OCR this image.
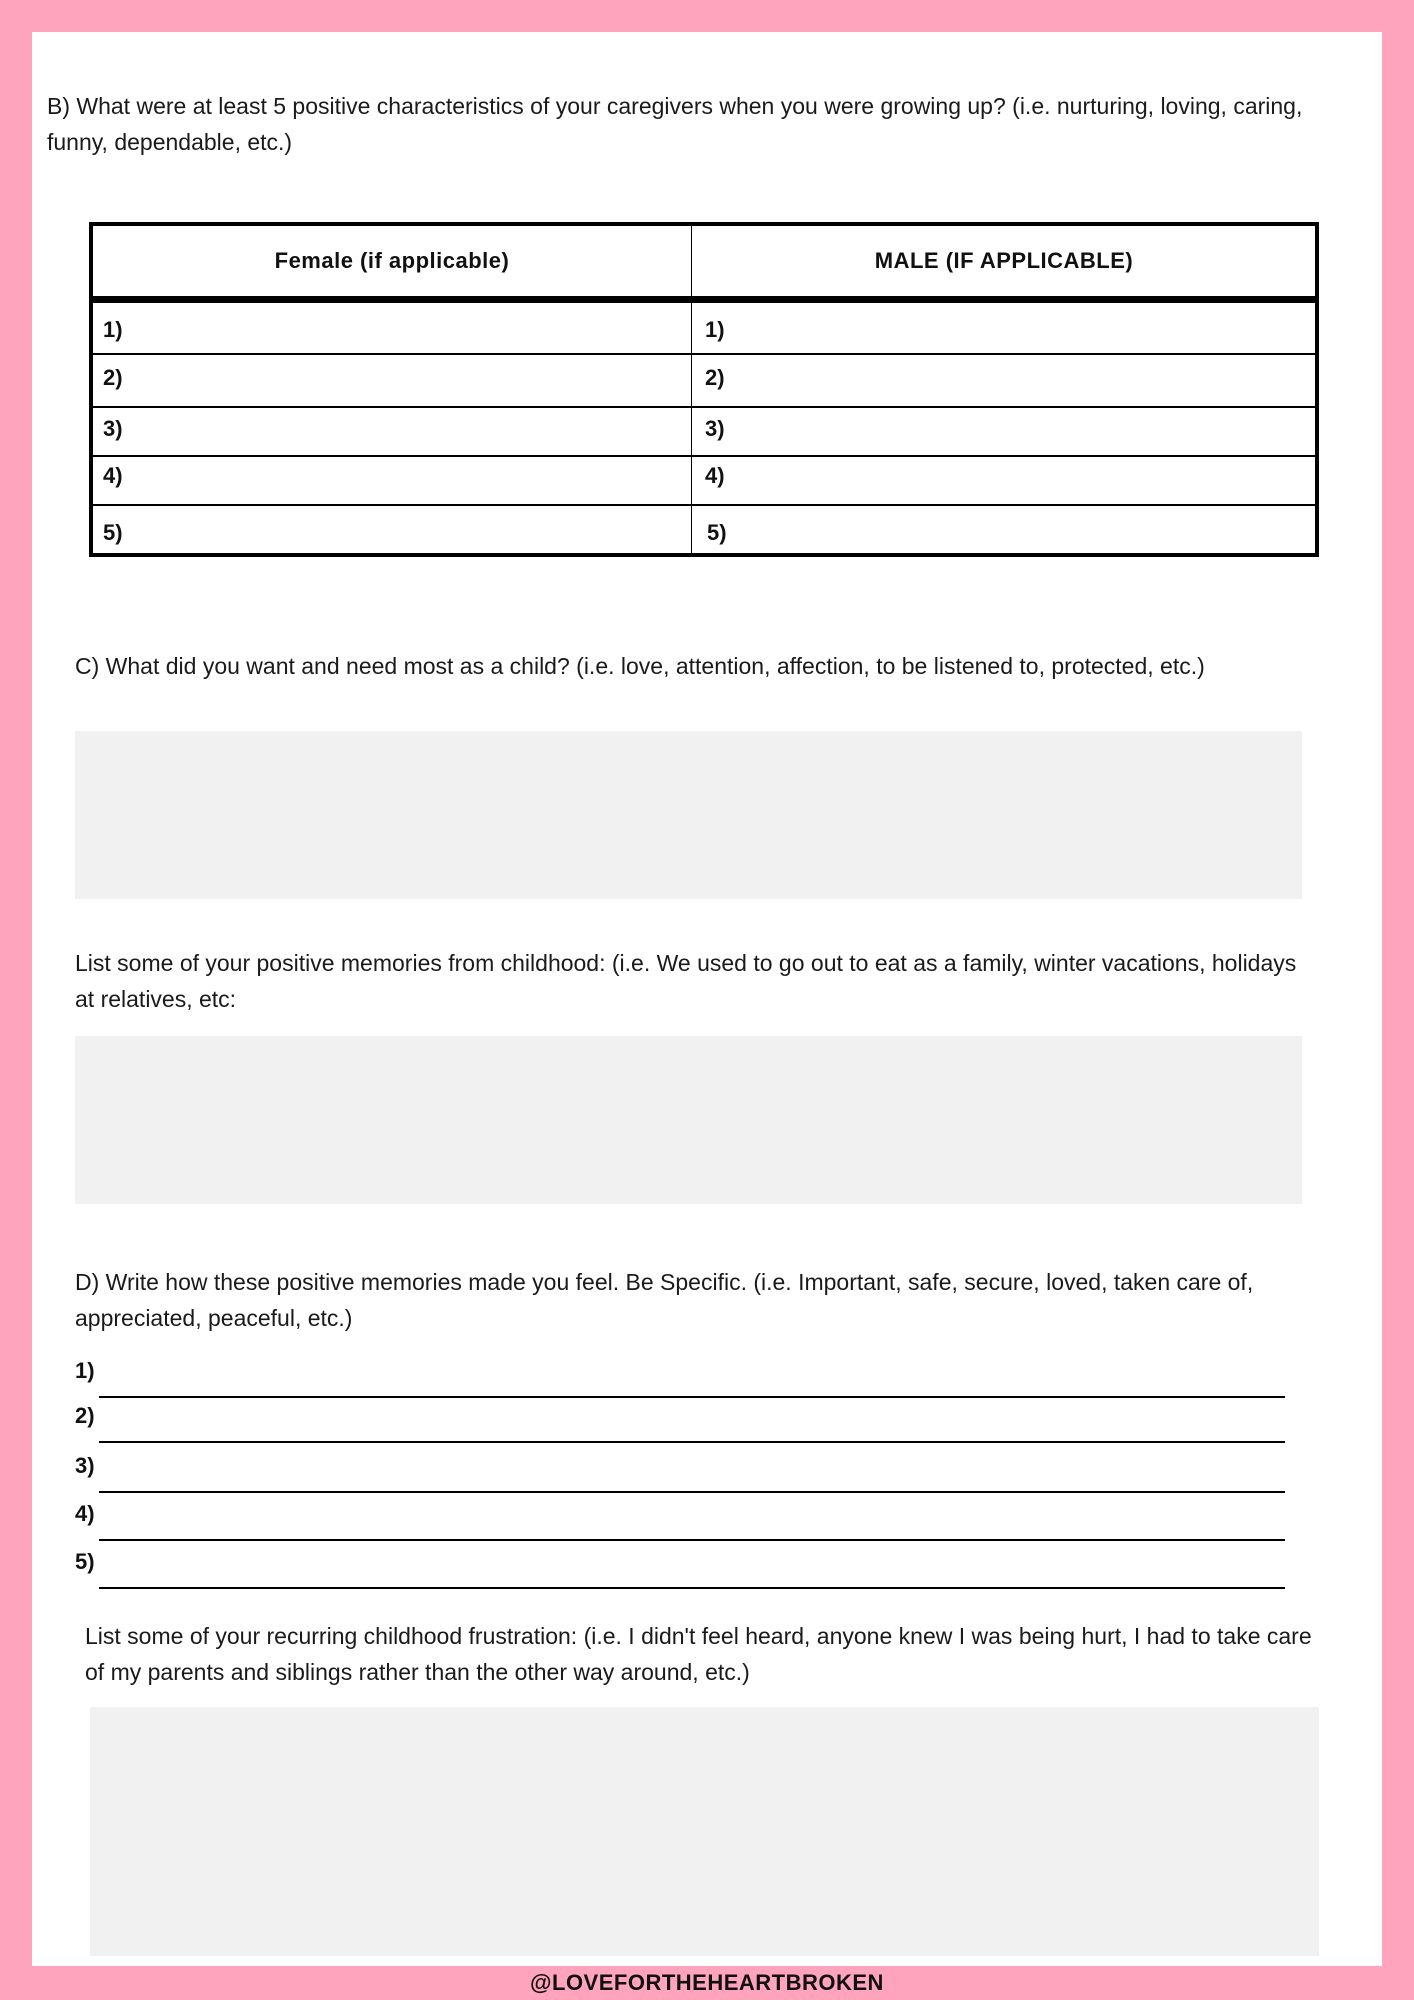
B) What were at least 5 positive characteristics of your caregivers when you were growing up? (i.e. nurturing, loving, caring, funny, dependable, etc.)

Female (if applicable)	MALE (IF APPLICABLE)
1)	1)
2)	2)
3)	3)
4)	4)
5)	5)

C) What did you want and need most as a child? (i.e. love, attention, affection, to be listened to, protected, etc.)

List some of your positive memories from childhood: (i.e. We used to go out to eat as a family, winter vacations, holidays at relatives, etc:

D) Write how these positive memories made you feel. Be Specific. (i.e. Important, safe, secure, loved, taken care of, appreciated, peaceful, etc.)

1)
2)
3)
4)
5)

List some of your recurring childhood frustration: (i.e. I didn't feel heard, anyone knew I was being hurt, I had to take care of my parents and siblings rather than the other way around, etc.)

@LOVEFORTHEHEARTBROKEN
